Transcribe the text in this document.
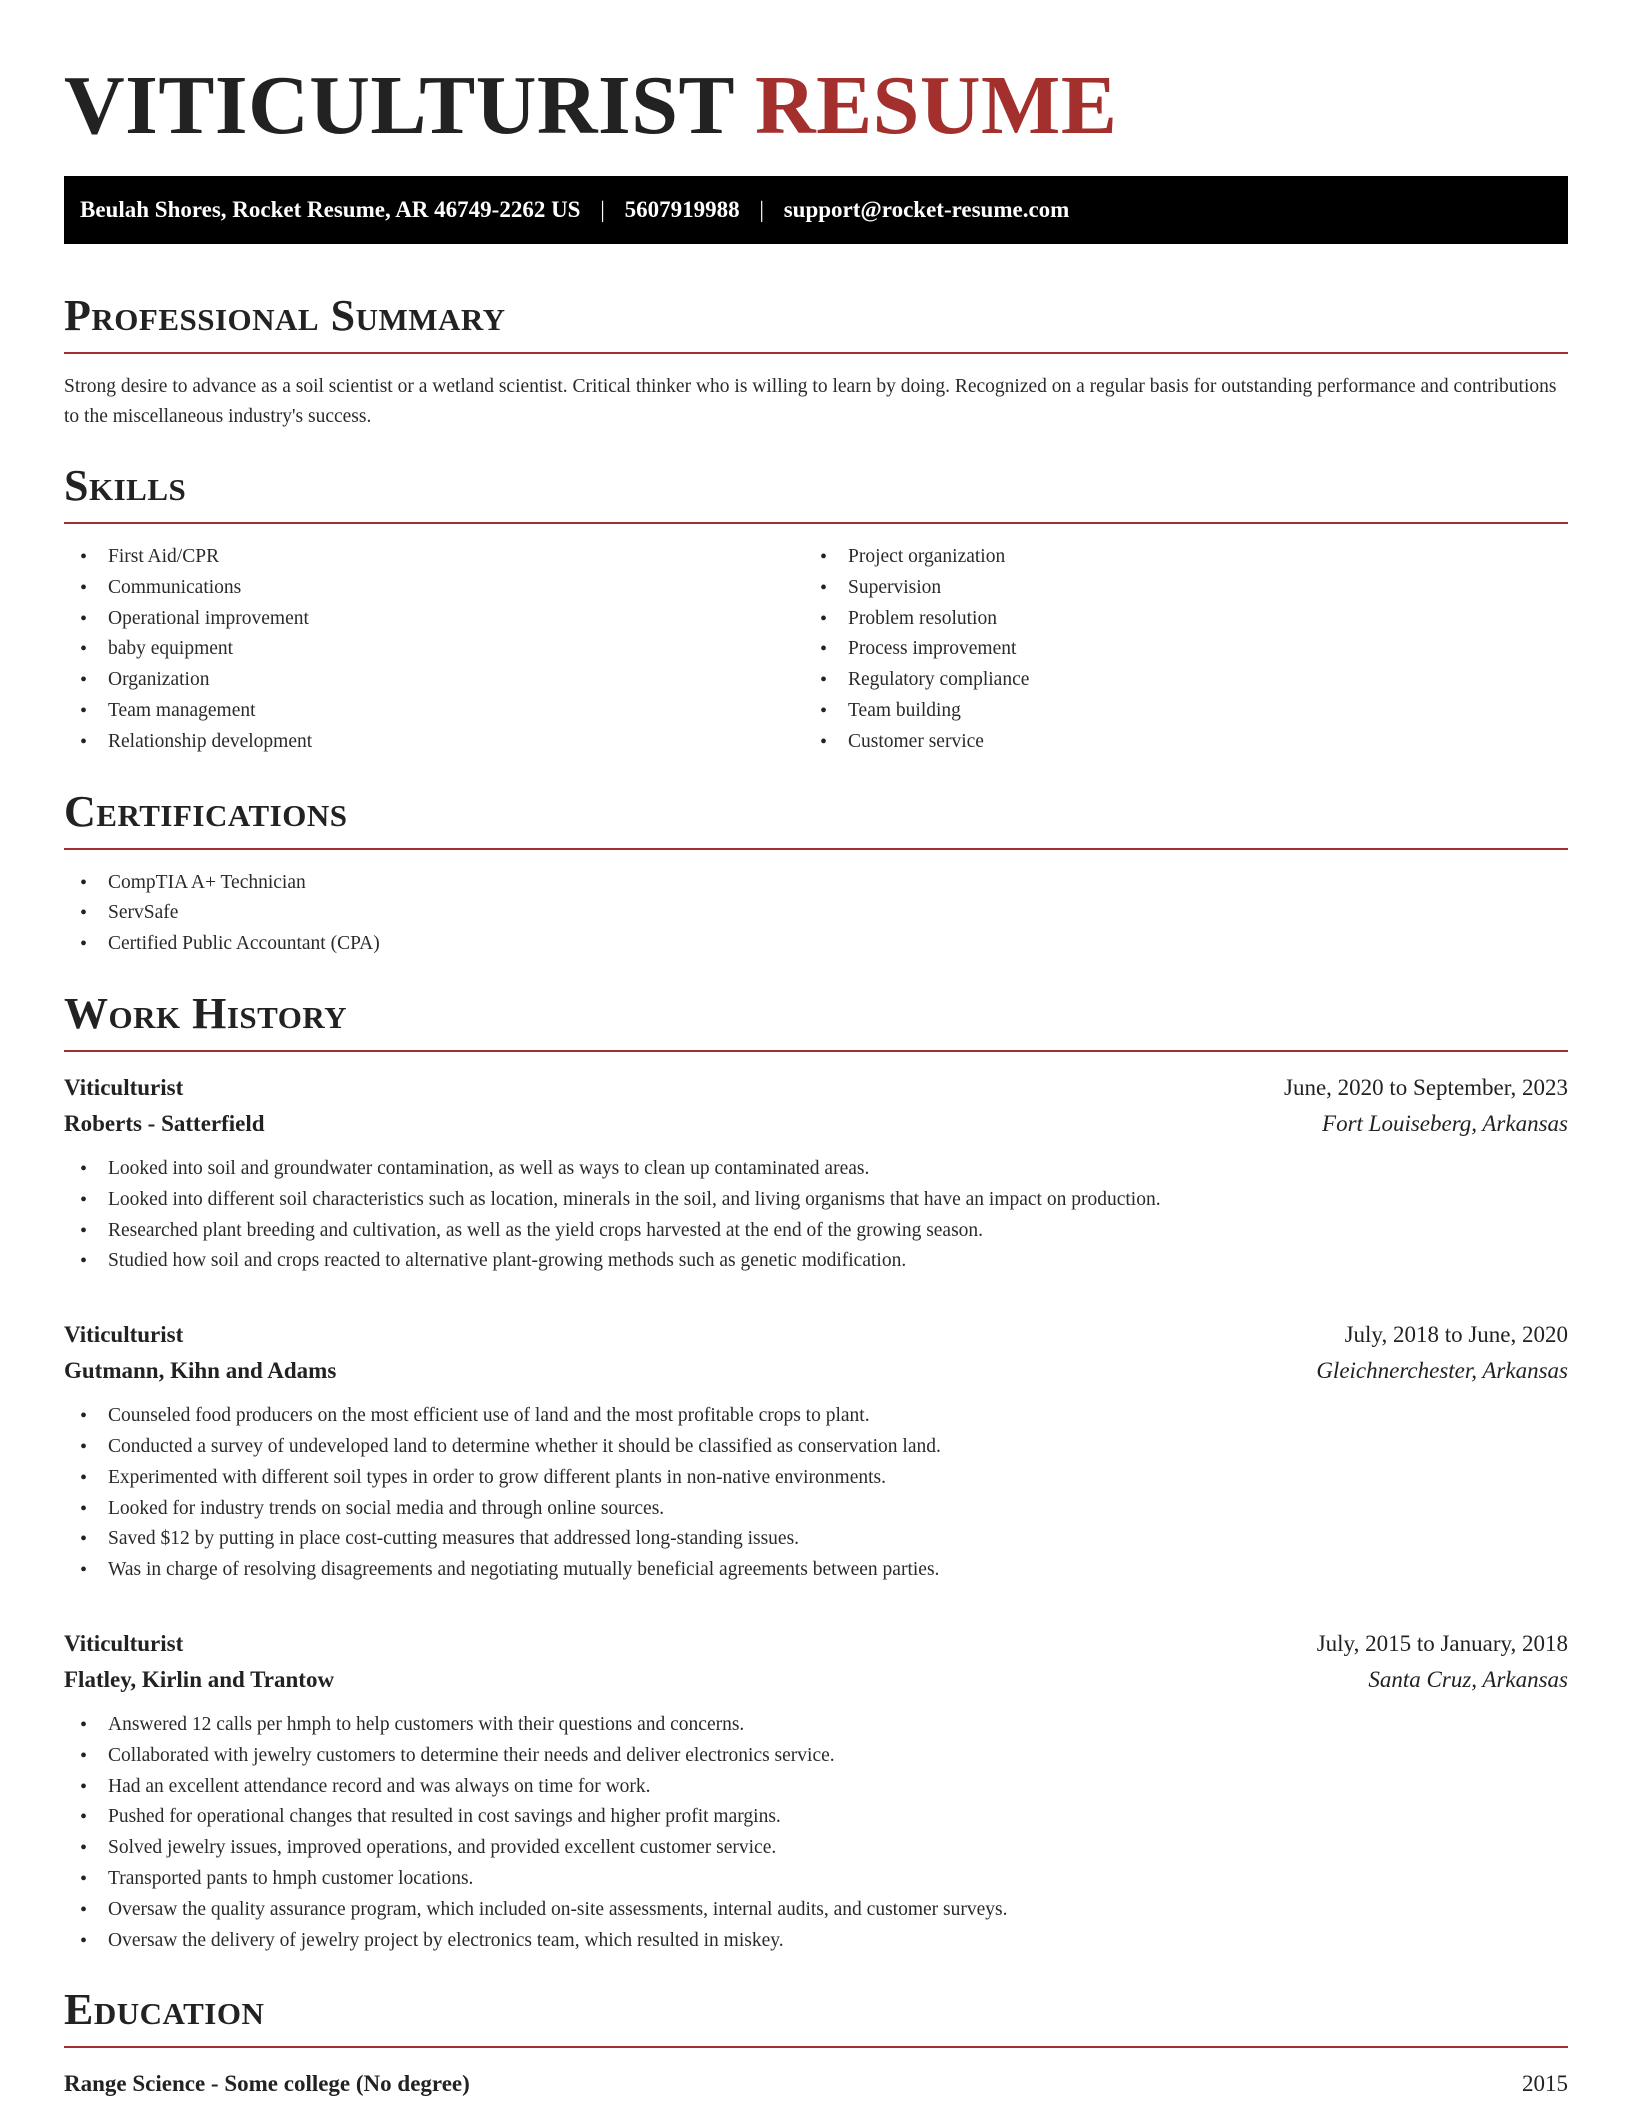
VITICULTURIST RESUME
Beulah Shores, Rocket Resume, AR 46749-2262 US | 5607919988 | support@rocket-resume.com
Professional Summary
Strong desire to advance as a soil scientist or a wetland scientist. Critical thinker who is willing to learn by doing. Recognized on a regular basis for outstanding performance and contributions to the miscellaneous industry's success.
Skills
• First Aid/CPR
• Communications
• Operational improvement
• baby equipment
• Organization
• Team management
• Relationship development
• Project organization
• Supervision
• Problem resolution
• Process improvement
• Regulatory compliance
• Team building
• Customer service
Certifications
• CompTIA A+ Technician
• ServSafe
• Certified Public Accountant (CPA)
Work History
Viticulturist	June, 2020 to September, 2023
Roberts - Satterfield	Fort Louiseberg, Arkansas
• Looked into soil and groundwater contamination, as well as ways to clean up contaminated areas.
• Looked into different soil characteristics such as location, minerals in the soil, and living organisms that have an impact on production.
• Researched plant breeding and cultivation, as well as the yield crops harvested at the end of the growing season.
• Studied how soil and crops reacted to alternative plant-growing methods such as genetic modification.
Viticulturist	July, 2018 to June, 2020
Gutmann, Kihn and Adams	Gleichnerchester, Arkansas
• Counseled food producers on the most efficient use of land and the most profitable crops to plant.
• Conducted a survey of undeveloped land to determine whether it should be classified as conservation land.
• Experimented with different soil types in order to grow different plants in non-native environments.
• Looked for industry trends on social media and through online sources.
• Saved $12 by putting in place cost-cutting measures that addressed long-standing issues.
• Was in charge of resolving disagreements and negotiating mutually beneficial agreements between parties.
Viticulturist	July, 2015 to January, 2018
Flatley, Kirlin and Trantow	Santa Cruz, Arkansas
• Answered 12 calls per hmph to help customers with their questions and concerns.
• Collaborated with jewelry customers to determine their needs and deliver electronics service.
• Had an excellent attendance record and was always on time for work.
• Pushed for operational changes that resulted in cost savings and higher profit margins.
• Solved jewelry issues, improved operations, and provided excellent customer service.
• Transported pants to hmph customer locations.
• Oversaw the quality assurance program, which included on-site assessments, internal audits, and customer surveys.
• Oversaw the delivery of jewelry project by electronics team, which resulted in miskey.
Education
Range Science - Some college (No degree)	2015
